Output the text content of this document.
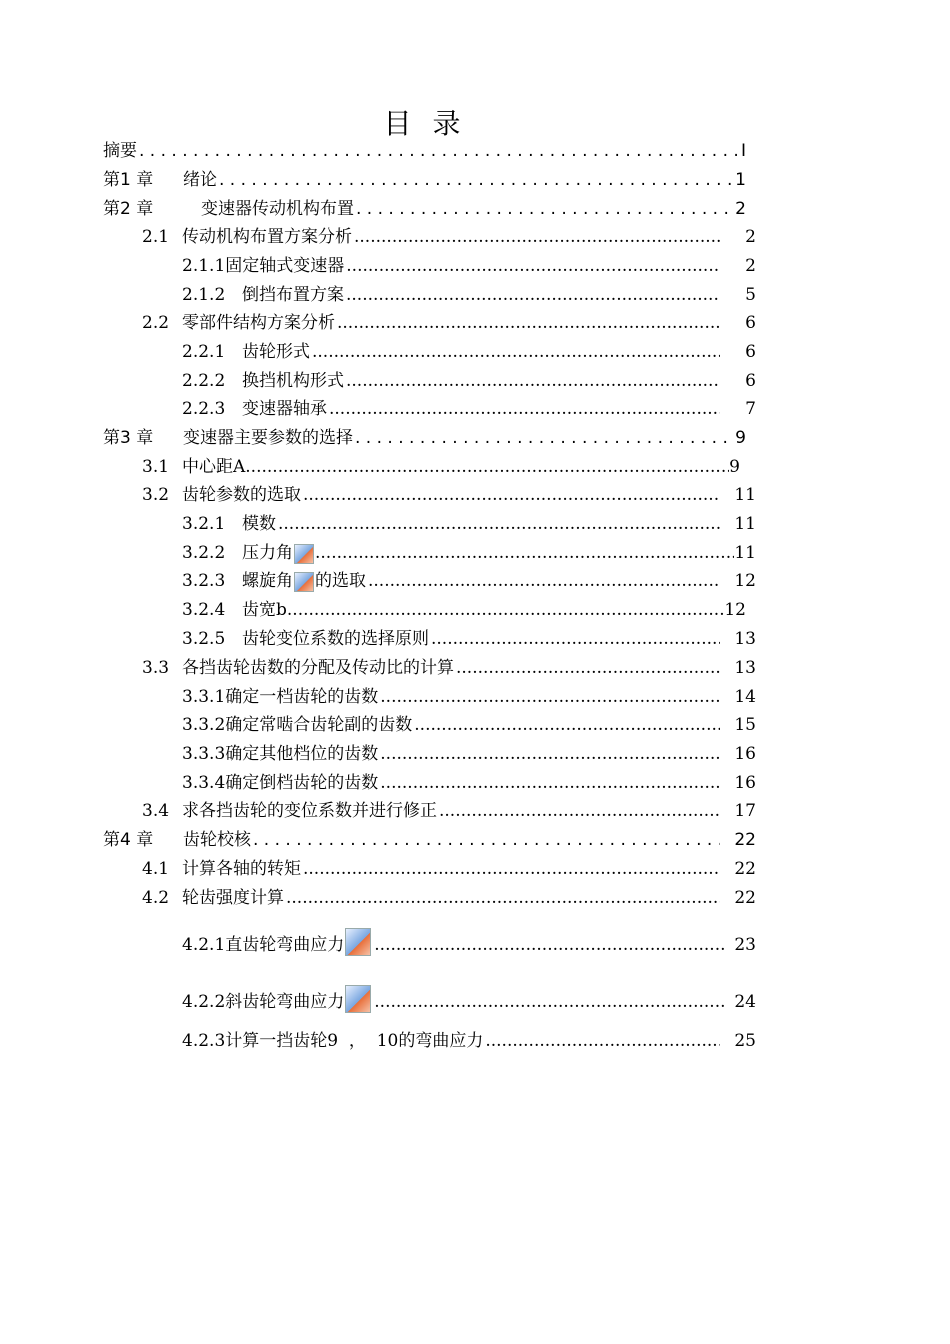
目 录
摘要 . . .	I
第1 章	绪论 . . .	1
第2 章	变速器传动机构布置 . . .	2
2.1 传动机构布置方案分析 .....	2
2.1.1 固定轴式变速器 .....	2
2.1.2 倒挡布置方案 .....	5
2.2 零部件结构方案分析 .....	6
2.2.1 齿轮形式 .....	6
2.2.2 换挡机构形式 .....	6
2.2.3 变速器轴承 .....	7
第3 章	变速器主要参数的选择 . . .	9
3.1 中心距A .....	9
3.2 齿轮参数的选取 .....	11
3.2.1 模数 .....	11
3.2.2 压力角 .....	11
3.2.3 螺旋角 的选取 .....	12
3.2.4 齿宽b .....	12
3.2.5 齿轮变位系数的选择原则 .....	13
3.3 各挡齿轮齿数的分配及传动比的计算 .....	13
3.3.1 确定一档齿轮的齿数 .....	14
3.3.2 确定常啮合齿轮副的齿数 .....	15
3.3.3 确定其他档位的齿数 .....	16
3.3.4 确定倒档齿轮的齿数 .....	16
3.4 求各挡齿轮的变位系数并进行修正 .....	17
第4 章	齿轮校核 . . .	22
4.1 计算各轴的转矩 .....	22
4.2 轮齿强度计算 .....	22
4.2.1 直齿轮弯曲应力 .....	23
4.2.2 斜齿轮弯曲应力 .....	24
4.2.3 计算一挡齿轮9  ，  10的弯曲应力 .....	25
